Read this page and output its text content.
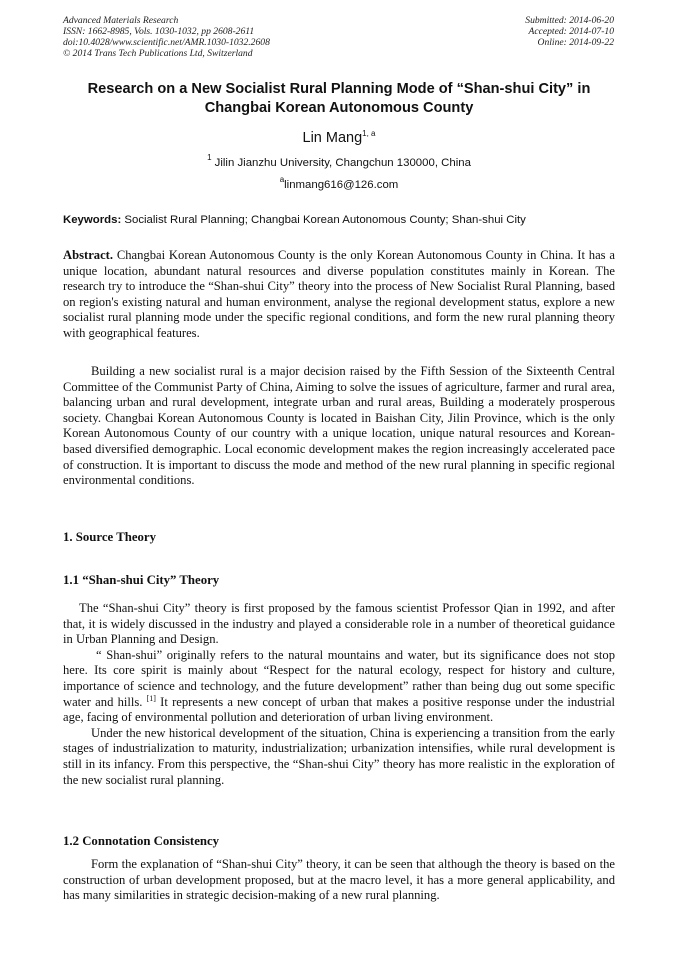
Advanced Materials Research
ISSN: 1662-8985, Vols. 1030-1032, pp 2608-2611
doi:10.4028/www.scientific.net/AMR.1030-1032.2608
© 2014 Trans Tech Publications Ltd, Switzerland
Submitted: 2014-06-20
Accepted: 2014-07-10
Online: 2014-09-22
Research on a New Socialist Rural Planning Mode of “Shan-shui City” in
Changbai Korean Autonomous County
Lin Mang$^{1, a}$
$^1$ Jilin Jianzhu University, Changchun 130000, China
$^a$linmang616@126.com
Keywords: Socialist Rural Planning; Changbai Korean Autonomous County; Shan-shui City

Abstract. Changbai Korean Autonomous County is the only Korean Autonomous County in China. It has a unique location, abundant natural resources and diverse population constitutes mainly in Korean. The research try to introduce the “Shan-shui City” theory into the process of New Socialist Rural Planning, based on region's existing natural and human environment, analyse the regional development status, explore a new socialist rural planning mode under the specific regional conditions, and form the new rural planning theory with geographical features.

Building a new socialist rural is a major decision raised by the Fifth Session of the Sixteenth Central Committee of the Communist Party of China, Aiming to solve the issues of agriculture, farmer and rural area, balancing urban and rural development, integrate urban and rural areas, Building a moderately prosperous society. Changbai Korean Autonomous County is located in Baishan City, Jilin Province, which is the only Korean Autonomous County of our country with a unique location, unique natural resources and Korean-based diversified demographic. Local economic development makes the region increasingly accelerated pace of construction. It is important to discuss the mode and method of the new rural planning in specific regional environmental conditions.

1. Source Theory
1.1 “Shan-shui City” Theory

The “Shan-shui City” theory is first proposed by the famous scientist Professor Qian in 1992, and after that, it is widely discussed in the industry and played a considerable role in a number of theoretical guidance in Urban Planning and Design.

“ Shan-shui” originally refers to the natural mountains and water, but its significance does not stop here. Its core spirit is mainly about “Respect for the natural ecology, respect for history and culture, importance of science and technology, and the future development” rather than being dug out some specific water and hills. [1] It represents a new concept of urban that makes a positive response under the industrial age, facing of environmental pollution and deterioration of urban living environment.

Under the new historical development of the situation, China is experiencing a transition from the early stages of industrialization to maturity, industrialization; urbanization intensifies, while rural development is still in its infancy. From this perspective, the “Shan-shui City” theory has more realistic in the exploration of the new socialist rural planning.

1.2 Connotation Consistency

Form the explanation of “Shan-shui City” theory, it can be seen that although the theory is based on the construction of urban development proposed, but at the macro level, it has a more general applicability, and has many similarities in strategic decision-making of a new rural planning.
